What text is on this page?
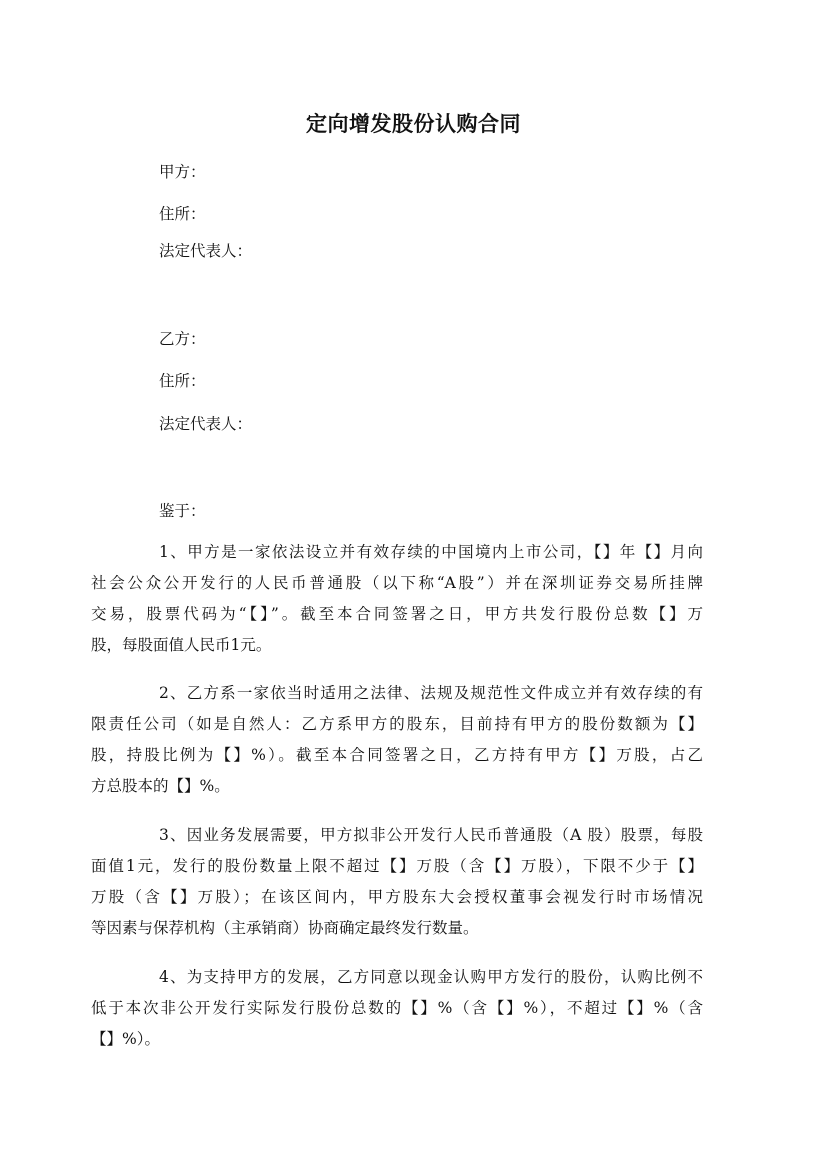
定向增发股份认购合同
甲方：
住所：
法定代表人：
乙方：
住所：
法定代表人：
鉴于：
1、甲方是一家依法设立并有效存续的中国境内上市公司，【】年【】月向
社会公众公开发行的人民币普通股（以下称“A股”）并在深圳证券交易所挂牌
交易，股票代码为“【】”。截至本合同签署之日，甲方共发行股份总数【】万
股，每股面值人民币1元。
2、乙方系一家依当时适用之法律、法规及规范性文件成立并有效存续的有
限责任公司（如是自然人：乙方系甲方的股东，目前持有甲方的股份数额为【】
股，持股比例为【】%）。截至本合同签署之日，乙方持有甲方【】万股，占乙
方总股本的【】%。
3、因业务发展需要，甲方拟非公开发行人民币普通股（A 股）股票，每股
面值1元，发行的股份数量上限不超过【】万股（含【】万股），下限不少于【】
万股（含【】万股）；在该区间内，甲方股东大会授权董事会视发行时市场情况
等因素与保荐机构（主承销商）协商确定最终发行数量。
4、为支持甲方的发展，乙方同意以现金认购甲方发行的股份，认购比例不
低于本次非公开发行实际发行股份总数的【】%（含【】%），不超过【】%（含
【】%）。
